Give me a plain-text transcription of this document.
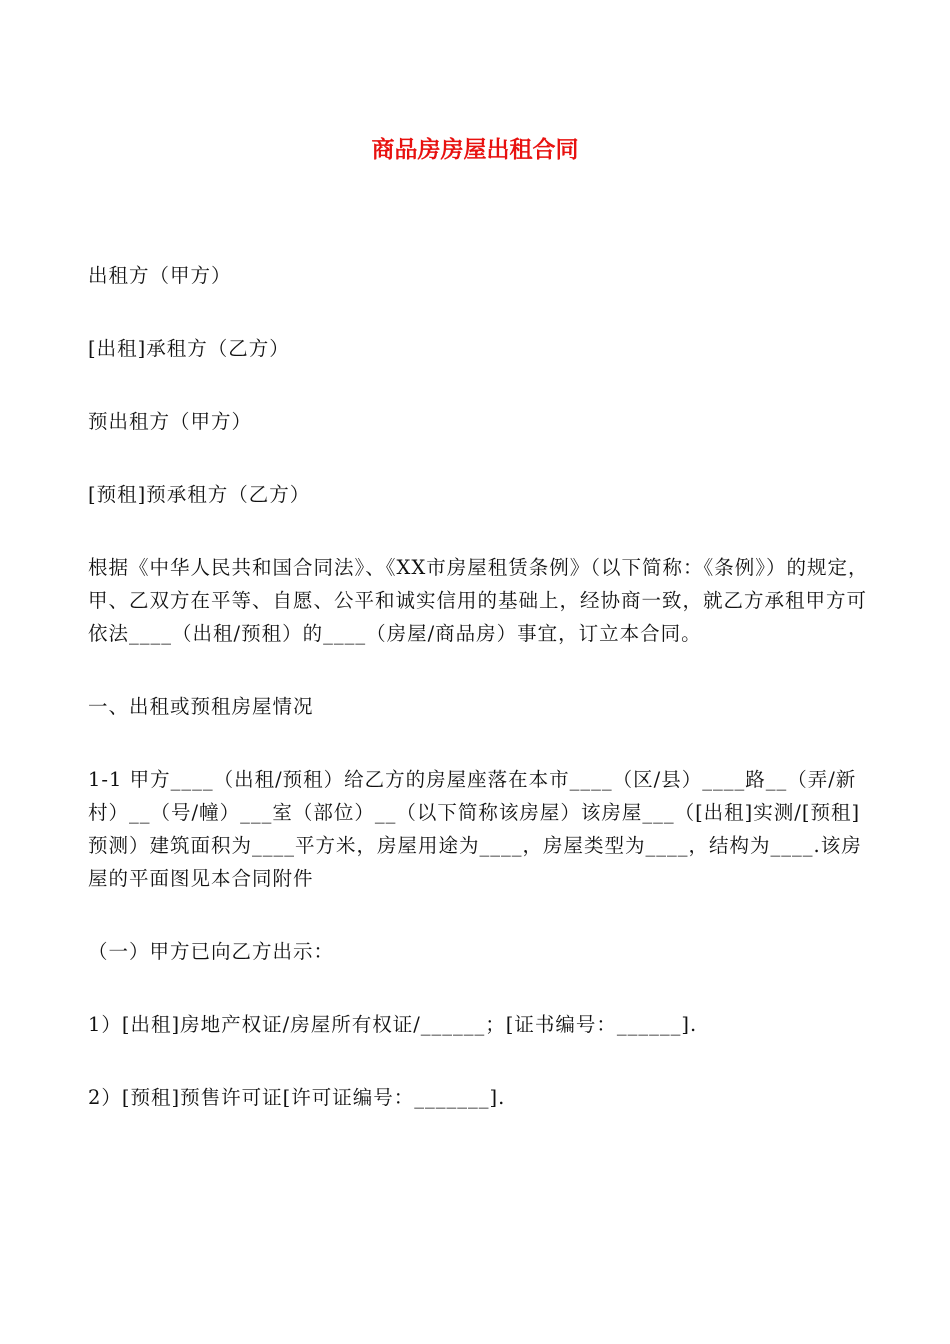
商品房房屋出租合同

出租方（甲方）

[出租]承租方（乙方）

预出租方（甲方）

[预租]预承租方（乙方）

根据《中华人民共和国合同法》、《XX市房屋租赁条例》（以下简称：《条例》）的规定，甲、乙双方在平等、自愿、公平和诚实信用的基础上，经协商一致，就乙方承租甲方可依法____（出租/预租）的____（房屋/商品房）事宜，订立本合同。

一、出租或预租房屋情况

1-1 甲方____（出租/预租）给乙方的房屋座落在本市____（区/县）____路__（弄/新村）__（号/幢）___室（部位）__（以下简称该房屋）该房屋___（[出租]实测/[预租]预测）建筑面积为____平方米，房屋用途为____，房屋类型为____，结构为____.该房屋的平面图见本合同附件

（一）甲方已向乙方出示：

1）[出租]房地产权证/房屋所有权证/______；[证书编号：______].

2）[预租]预售许可证[许可证编号：_______].
